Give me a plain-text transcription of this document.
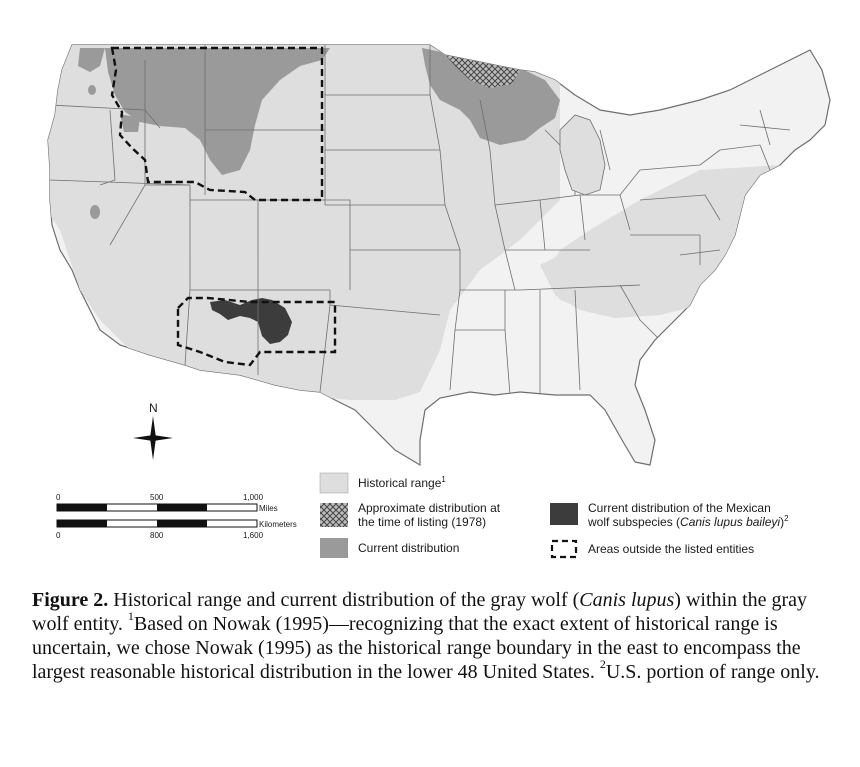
N
0	500	1,000
Miles
Kilometers
0	800	1,600
Historical range$^1$
Approximate distribution at
the time of listing (1978)
Current distribution
Current distribution of the Mexican
wolf subspecies (Canis lupus baileyi)$^2$
Areas outside the listed entities
Figure 2. Historical range and current distribution of the gray wolf (Canis lupus) within the gray wolf entity. $^1$Based on Nowak (1995)—recognizing that the exact extent of historical range is uncertain, we chose Nowak (1995) as the historical range boundary in the east to encompass the largest reasonable historical distribution in the lower 48 United States. $^2$U.S. portion of range only.
